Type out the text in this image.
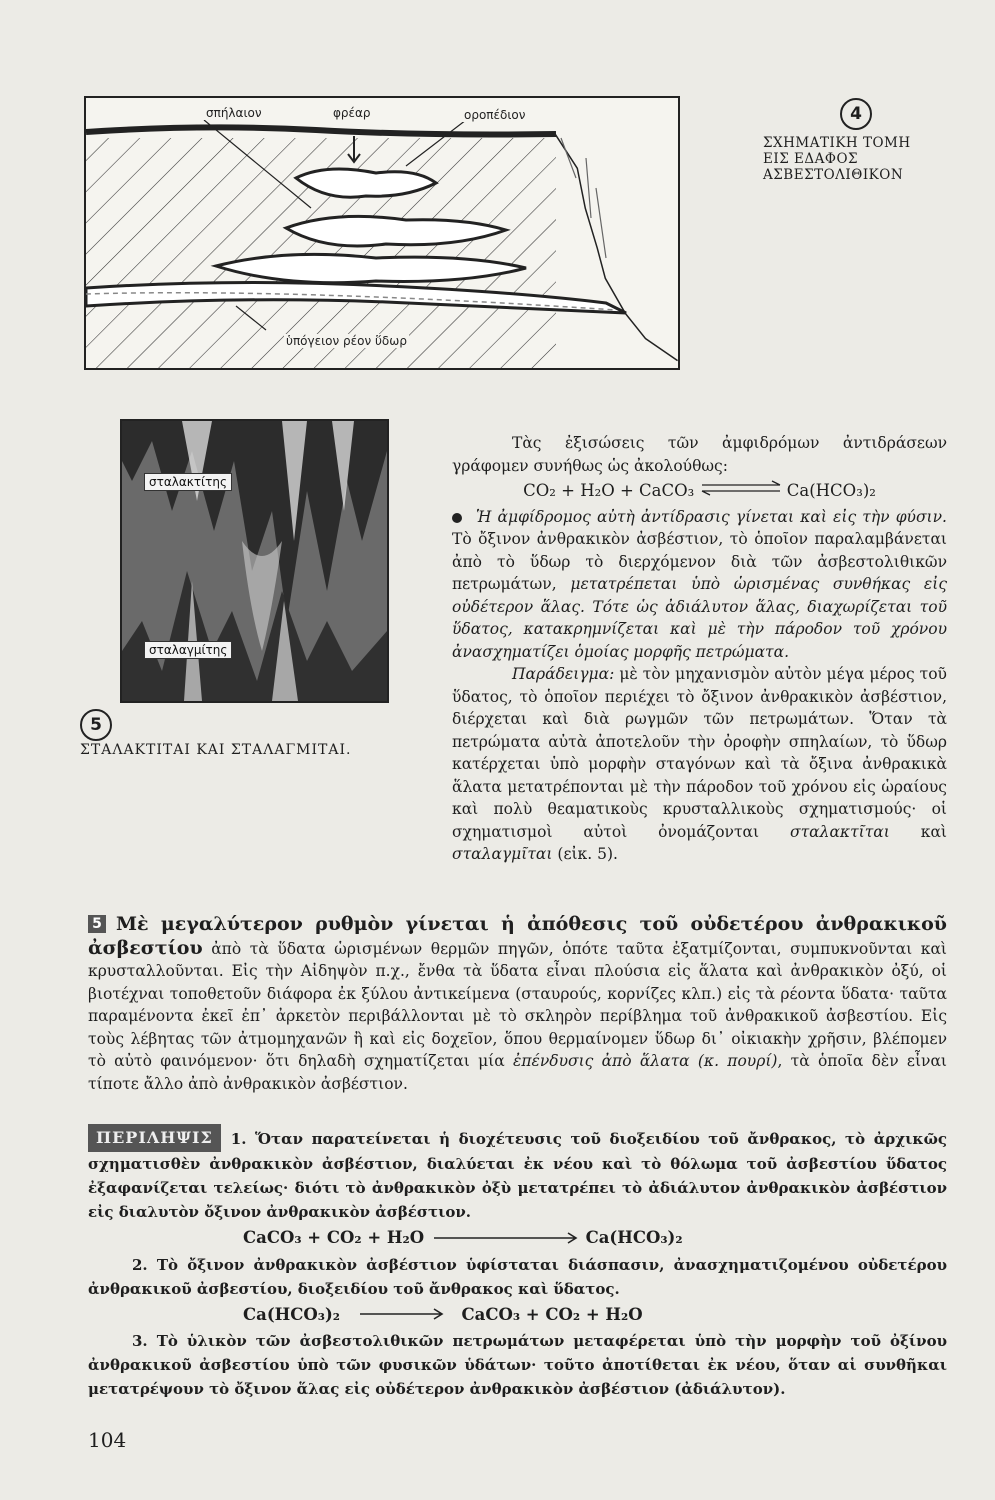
σπήλαιον	φρέαρ	οροπέδιον
ὑπόγειον ρέον ὕδωρ
4
ΣΧΗΜΑΤΙΚΗ ΤΟΜΗ
ΕΙΣ ΕΔΑΦΟΣ
ΑΣΒΕΣΤΟΛΙΘΙΚΟΝ
σταλακτίτης
σταλαγμίτης
5
ΣΤΑΛΑΚΤΙΤΑΙ ΚΑΙ ΣΤΑΛΑΓΜΙΤΑΙ.
Τὰς ἐξισώσεις τῶν ἀμφιδρόμων ἀντιδράσεων γράφομεν συνήθως ὡς ἀκολούθως:
CO₂ + H₂O + CaCO₃	Ca(HCO₃)₂
Ἡ ἀμφίδρομος αὐτὴ ἀντίδρασις γίνεται καὶ εἰς τὴν φύσιν. Τὸ ὄξινον ἀνθρακικὸν ἀσβέστιον, τὸ ὁποῖον παραλαμβάνεται ἀπὸ τὸ ὕδωρ τὸ διερχόμενον διὰ τῶν ἀσβεστολιθικῶν πετρωμάτων, μετατρέπεται ὑπὸ ὡρισμένας συνθήκας εἰς οὐδέτερον ἅλας. Τότε ὡς ἀδιάλυτον ἅλας, διαχωρίζεται τοῦ ὕδατος, κατακρημνίζεται καὶ μὲ τὴν πάροδον τοῦ χρόνου ἀνασχηματίζει ὁμοίας μορφῆς πετρώματα.
Παράδειγμα: μὲ τὸν μηχανισμὸν αὐτὸν μέγα μέρος τοῦ ὕδατος, τὸ ὁποῖον περιέχει τὸ ὄξινον ἀνθρακικὸν ἀσβέστιον, διέρχεται καὶ διὰ ρωγμῶν τῶν πετρωμάτων. Ὅταν τὰ πετρώματα αὐτὰ ἀποτελοῦν τὴν ὀροφὴν σπηλαίων, τὸ ὕδωρ κατέρχεται ὑπὸ μορφὴν σταγόνων καὶ τὰ ὄξινα ἀνθρακικὰ ἅλατα μετατρέπονται μὲ τὴν πάροδον τοῦ χρόνου εἰς ὡραίους καὶ πολὺ θεαματικοὺς κρυσταλλικοὺς σχηματισμούς· οἱ σχηματισμοὶ αὐτοὶ ὀνομάζονται σταλακτῖται καὶ σταλαγμῖται (εἰκ. 5).
5 Μὲ μεγαλύτερον ρυθμὸν γίνεται ἡ ἀπόθεσις τοῦ οὐδετέρου ἀνθρακικοῦ ἀσβεστίου ἀπὸ τὰ ὕδατα ὡρισμένων θερμῶν πηγῶν, ὁπότε ταῦτα ἐξατμίζονται, συμπυκνοῦνται καὶ κρυσταλλοῦνται. Εἰς τὴν Αἰδηψὸν π.χ., ἔνθα τὰ ὕδατα εἶναι πλούσια εἰς ἅλατα καὶ ἀνθρακικὸν ὀξύ, οἱ βιοτέχναι τοποθετοῦν διάφορα ἐκ ξύλου ἀντικείμενα (σταυρούς, κορνίζες κλπ.) εἰς τὰ ρέοντα ὕδατα· ταῦτα παραμένοντα ἐκεῖ ἐπ᾿ ἀρκετὸν περιβάλλονται μὲ τὸ σκληρὸν περίβλημα τοῦ ἀνθρακικοῦ ἀσβεστίου. Εἰς τοὺς λέβητας τῶν ἀτμομηχανῶν ἢ καὶ εἰς δοχεῖον, ὅπου θερμαίνομεν ὕδωρ δι᾿ οἰκιακὴν χρῆσιν, βλέπομεν τὸ αὐτὸ φαινόμενον· ὅτι δηλαδὴ σχηματίζεται μία ἐπένδυσις ἀπὸ ἅλατα (κ. πουρί), τὰ ὁποῖα δὲν εἶναι τίποτε ἄλλο ἀπὸ ἀνθρακικὸν ἀσβέστιον.
ΠΕΡΙΛΗΨΙΣ 1. Ὅταν παρατείνεται ἡ διοχέτευσις τοῦ διοξειδίου τοῦ ἄνθρακος, τὸ ἀρχικῶς σχηματισθὲν ἀνθρακικὸν ἀσβέστιον, διαλύεται ἐκ νέου καὶ τὸ θόλωμα τοῦ ἀσβεστίου ὕδατος ἐξαφανίζεται τελείως· διότι τὸ ἀνθρακικὸν ὀξὺ μετατρέπει τὸ ἀδιάλυτον ἀνθρακικὸν ἀσβέστιον εἰς διαλυτὸν ὄξινον ἀνθρακικὸν ἀσβέστιον.
CaCO₃ + CO₂ + H₂O	Ca(HCO₃)₂
2. Τὸ ὄξινον ἀνθρακικὸν ἀσβέστιον ὑφίσταται διάσπασιν, ἀνασχηματιζομένου οὐδετέρου ἀνθρακικοῦ ἀσβεστίου, διοξειδίου τοῦ ἄνθρακος καὶ ὕδατος.
Ca(HCO₃)₂	CaCO₃ + CO₂ + H₂O
3. Τὸ ὑλικὸν τῶν ἀσβεστολιθικῶν πετρωμάτων μεταφέρεται ὑπὸ τὴν μορφὴν τοῦ ὀξίνου ἀνθρακικοῦ ἀσβεστίου ὑπὸ τῶν φυσικῶν ὑδάτων· τοῦτο ἀποτίθεται ἐκ νέου, ὅταν αἱ συνθῆκαι μετατρέψουν τὸ ὄξινον ἅλας εἰς οὐδέτερον ἀνθρακικὸν ἀσβέστιον (ἀδιάλυτον).
104
